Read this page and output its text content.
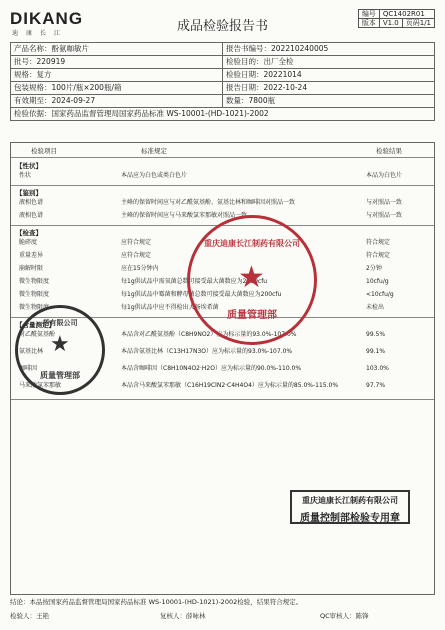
DIKANG
迪康长江	成品检验报告书
编号	QC1402R01	
版本	V1.0	页码1/1
产品名称：酚氨咖敏片	报告书编号：202210240005
批号：220919	检验目的：出厂全检
规格：复方	检验日期：20221014
包装规格：100片/瓶×200瓶/箱	报告日期：2022-10-24
有效期至：2024-09-27	数量：7800瓶
检验依据：国家药品监督管理局国家药品标准 WS-10001-(HD-1021)-2002	
检验项目	标准规定	检验结果
【性状】
性状	本品应为白色或类白色片	本品为白色片
【鉴别】
液相色谱	主峰的保留时间应与对乙酰氨基酚、氨基比林和咖啡因对照品一致	与对照品一致
液相色谱	主峰的保留时间应与马来酸氯苯那敏对照品一致	与对照品一致
【检查】
脆碎度	应符合规定	符合规定
重量差异	应符合规定	符合规定
崩解时限	应在15分钟内	2分钟
微生物限度	每1g供试品中需氧菌总数可接受最大菌数应为2000cfu	10cfu/g
微生物限度	每1g供试品中霉菌和酵母菌总数可接受最大菌数应为200cfu	<10cfu/g
微生物限度	每1g供试品中应不得检出大肠埃希菌	未检出
【含量测定】
对乙酰氨基酚	本品含对乙酰氨基酚（C8H9NO2）应为标示量的93.0%-107.0%	99.5%
氨基比林	本品含氨基比林（C13H17N3O）应为标示量的93.0%-107.0%	99.1%
咖啡因	本品含咖啡因（C8H10N4O2·H2O）应为标示量的90.0%-110.0%	103.0%
马来酸氯苯那敏	本品含马来酸氯苯那敏（C16H19ClN2·C4H4O4）应为标示量的85.0%-115.0%	97.7%
结论：本品按国家药品监督管理局国家药品标准 WS-10001-(HD-1021)-2002检验，结果符合规定。
检验人：王艳	复核人：薛咏林	QC审核人：陈锋
重庆迪康长江制药有限公司
★
质量管理部
药有限公司
★
质量管理部
重庆迪康长江制药有限公司
质量控制部检验专用章
